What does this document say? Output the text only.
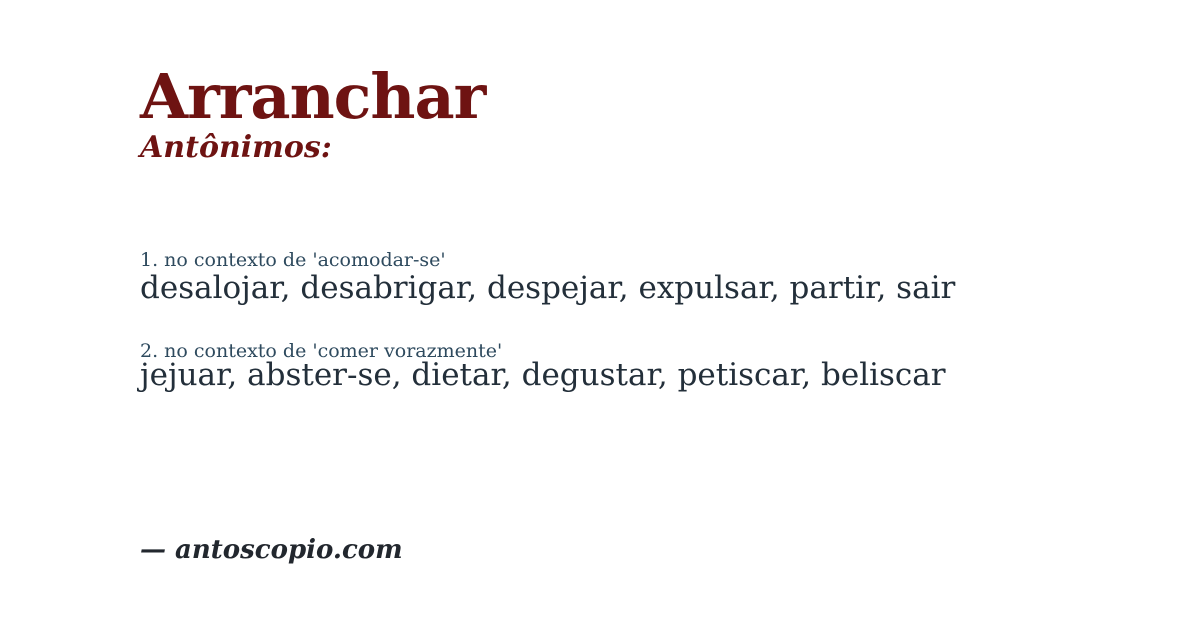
Arranchar
Antônimos:
1. no contexto de 'acomodar-se'
desalojar, desabrigar, despejar, expulsar, partir, sair
2. no contexto de 'comer vorazmente'
jejuar, abster-se, dietar, degustar, petiscar, beliscar
— antoscopio.com
